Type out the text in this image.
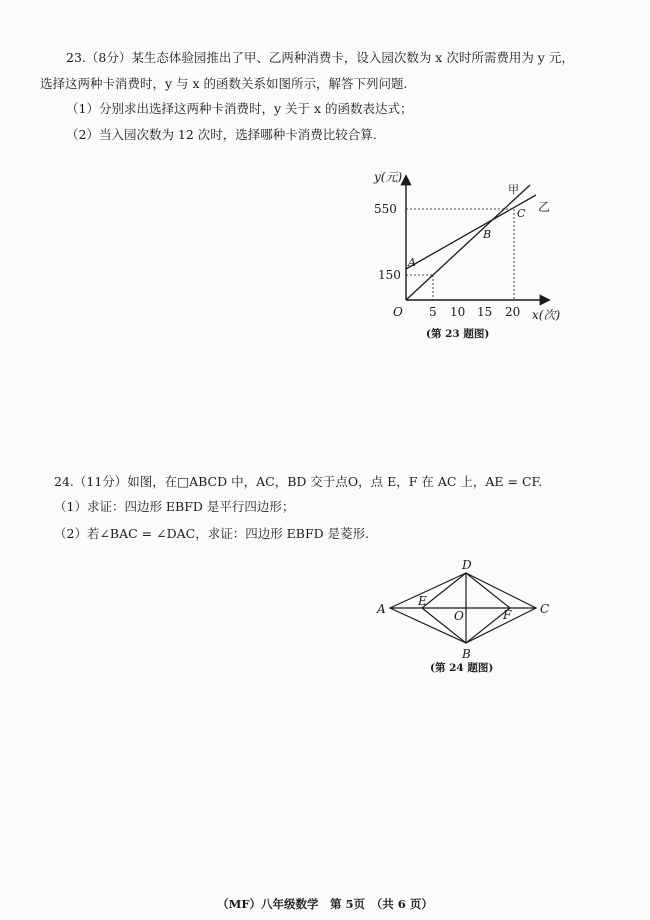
23.（8分）某生态体验园推出了甲、乙两种消费卡，设入园次数为 x 次时所需费用为 y 元，
选择这两种卡消费时，y 与 x 的函数关系如图所示，解答下列问题.
（1）分别求出选择这两种卡消费时，y 关于 x 的函数表达式；
（2）当入园次数为 12 次时，选择哪种卡消费比较合算.
y(元)
x(次)
550
150
O 5 10 15 20
甲
乙
A
B
C
(第 23 题图)
24.（11分）如图，在□ABCD 中，AC，BD 交于点O，点 E，F 在 AC 上，AE = CF.
（1）求证：四边形 EBFD 是平行四边形；
（2）若∠BAC = ∠DAC，求证：四边形 EBFD 是菱形.
A
B
C
D
E
F
O
(第 24 题图)
（MF）八年级数学　第 5页　（共 6 页）
